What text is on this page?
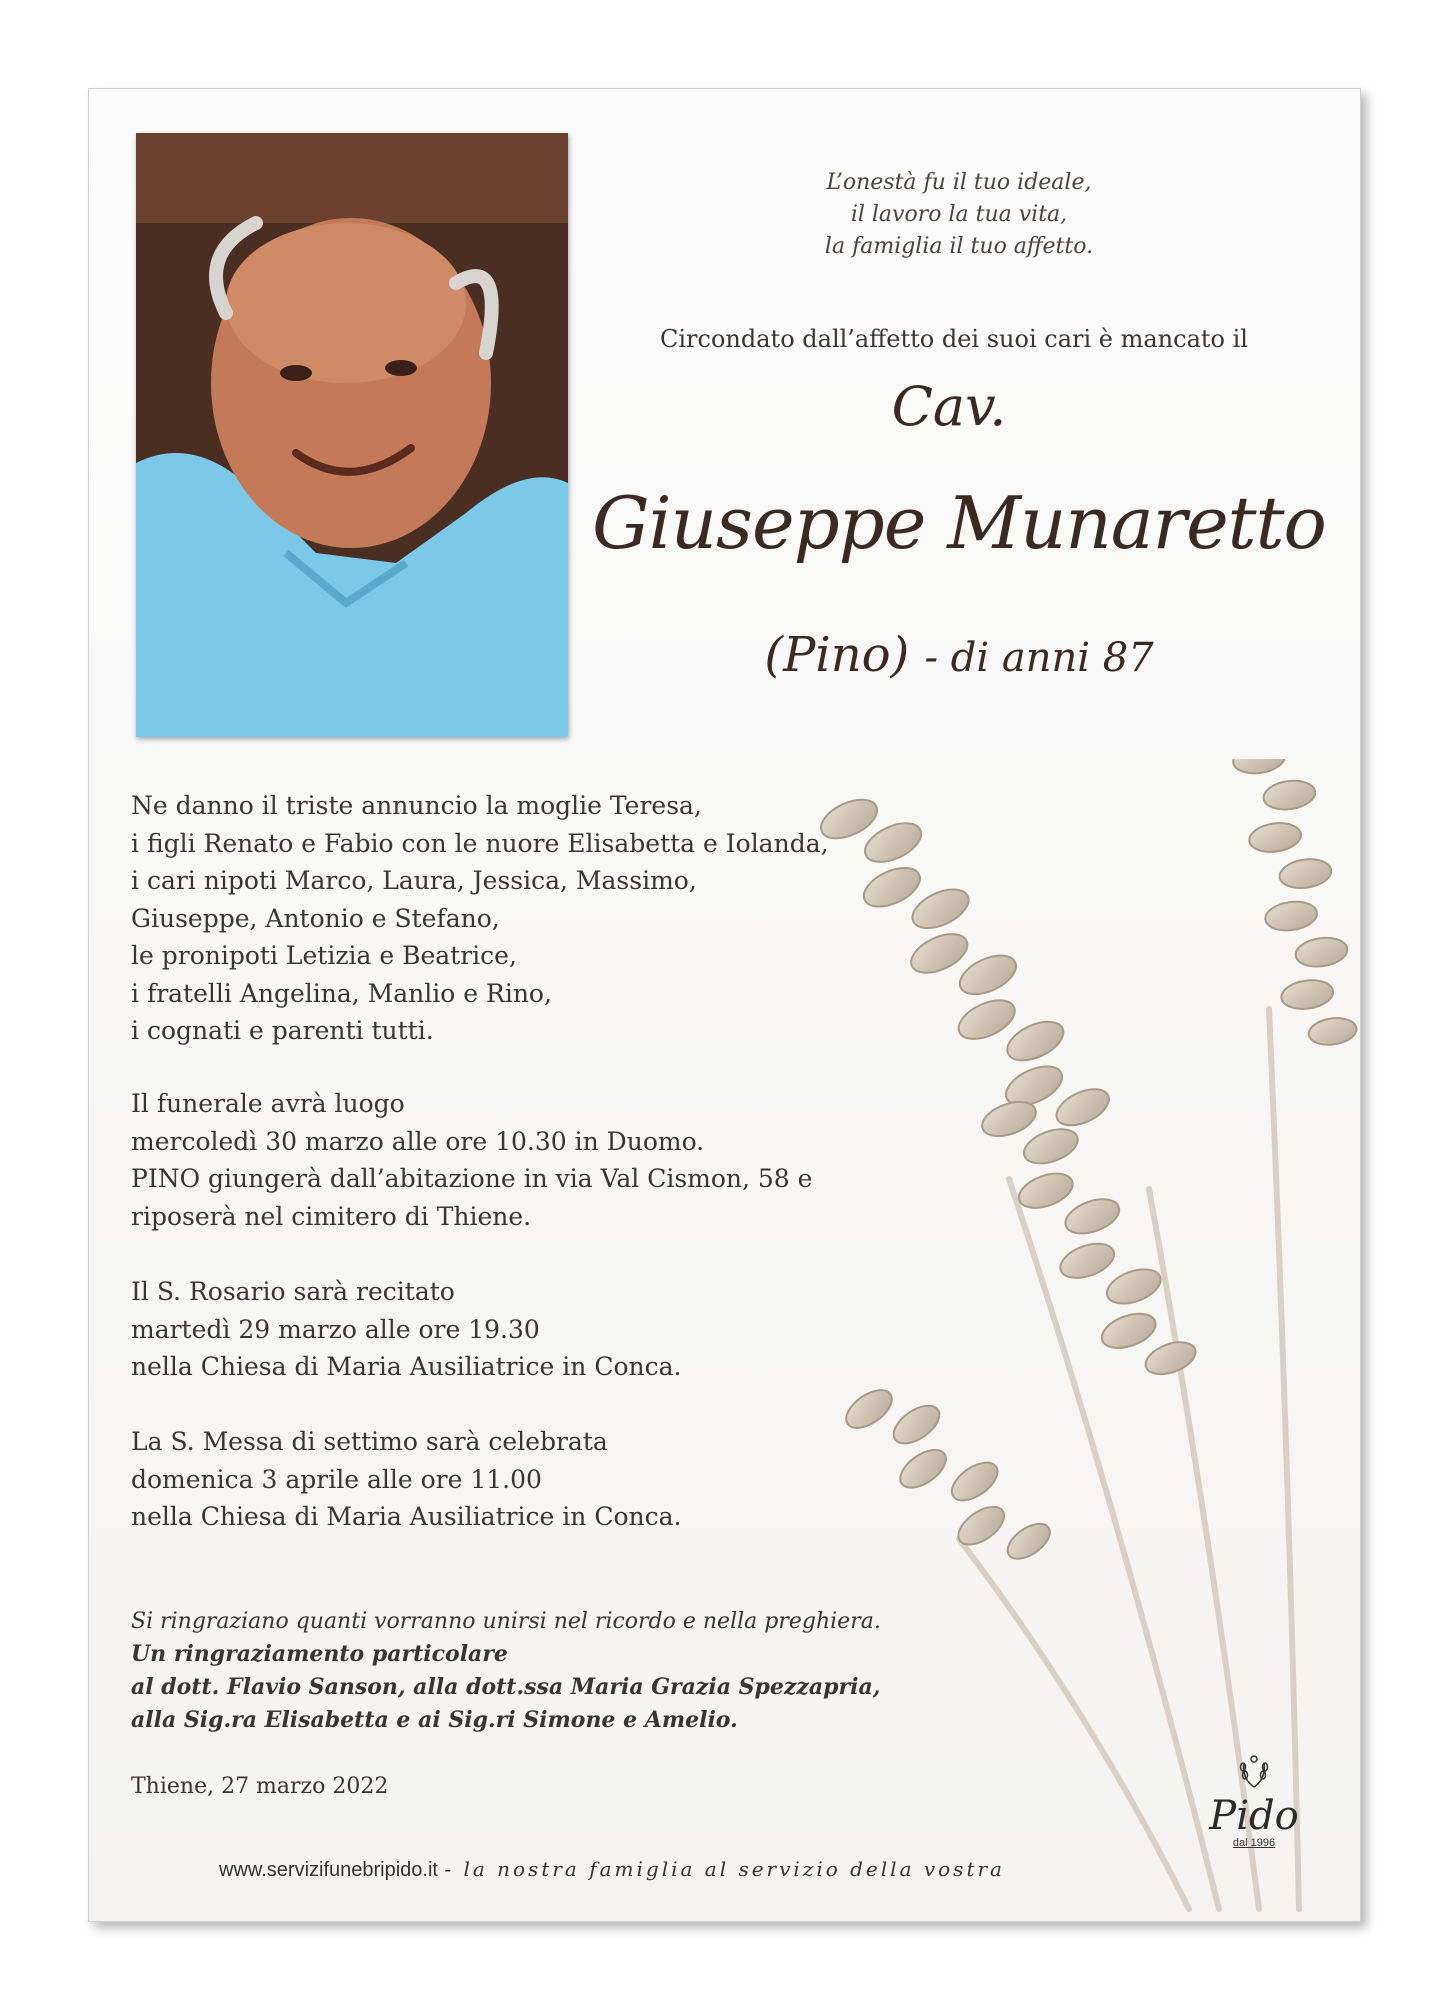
L’onestà fu il tuo ideale,
il lavoro la tua vita,
la famiglia il tuo affetto.
Circondato dall’affetto dei suoi cari è mancato il
Cav.
Giuseppe Munaretto
(Pino) - di anni 87
Ne danno il triste annuncio la moglie Teresa,
i figli Renato e Fabio con le nuore Elisabetta e Iolanda,
i cari nipoti Marco, Laura, Jessica, Massimo,
Giuseppe, Antonio e Stefano,
le pronipoti Letizia e Beatrice,
i fratelli Angelina, Manlio e Rino,
i cognati e parenti tutti.
Il funerale avrà luogo
mercoledì 30 marzo alle ore 10.30 in Duomo.
PINO giungerà dall’abitazione in via Val Cismon, 58 e
riposerà nel cimitero di Thiene.
Il S. Rosario sarà recitato
martedì 29 marzo alle ore 19.30
nella Chiesa di Maria Ausiliatrice in Conca.
La S. Messa di settimo sarà celebrata
domenica 3 aprile alle ore 11.00
nella Chiesa di Maria Ausiliatrice in Conca.
Si ringraziano quanti vorranno unirsi nel ricordo e nella preghiera.
Un ringraziamento particolare
al dott. Flavio Sanson, alla dott.ssa Maria Grazia Spezzapria,
alla Sig.ra Elisabetta e ai Sig.ri Simone e Amelio.
Thiene, 27 marzo 2022
Pido
dal 1996
www.servizifunebripido.it - la nostra famiglia al servizio della vostra
